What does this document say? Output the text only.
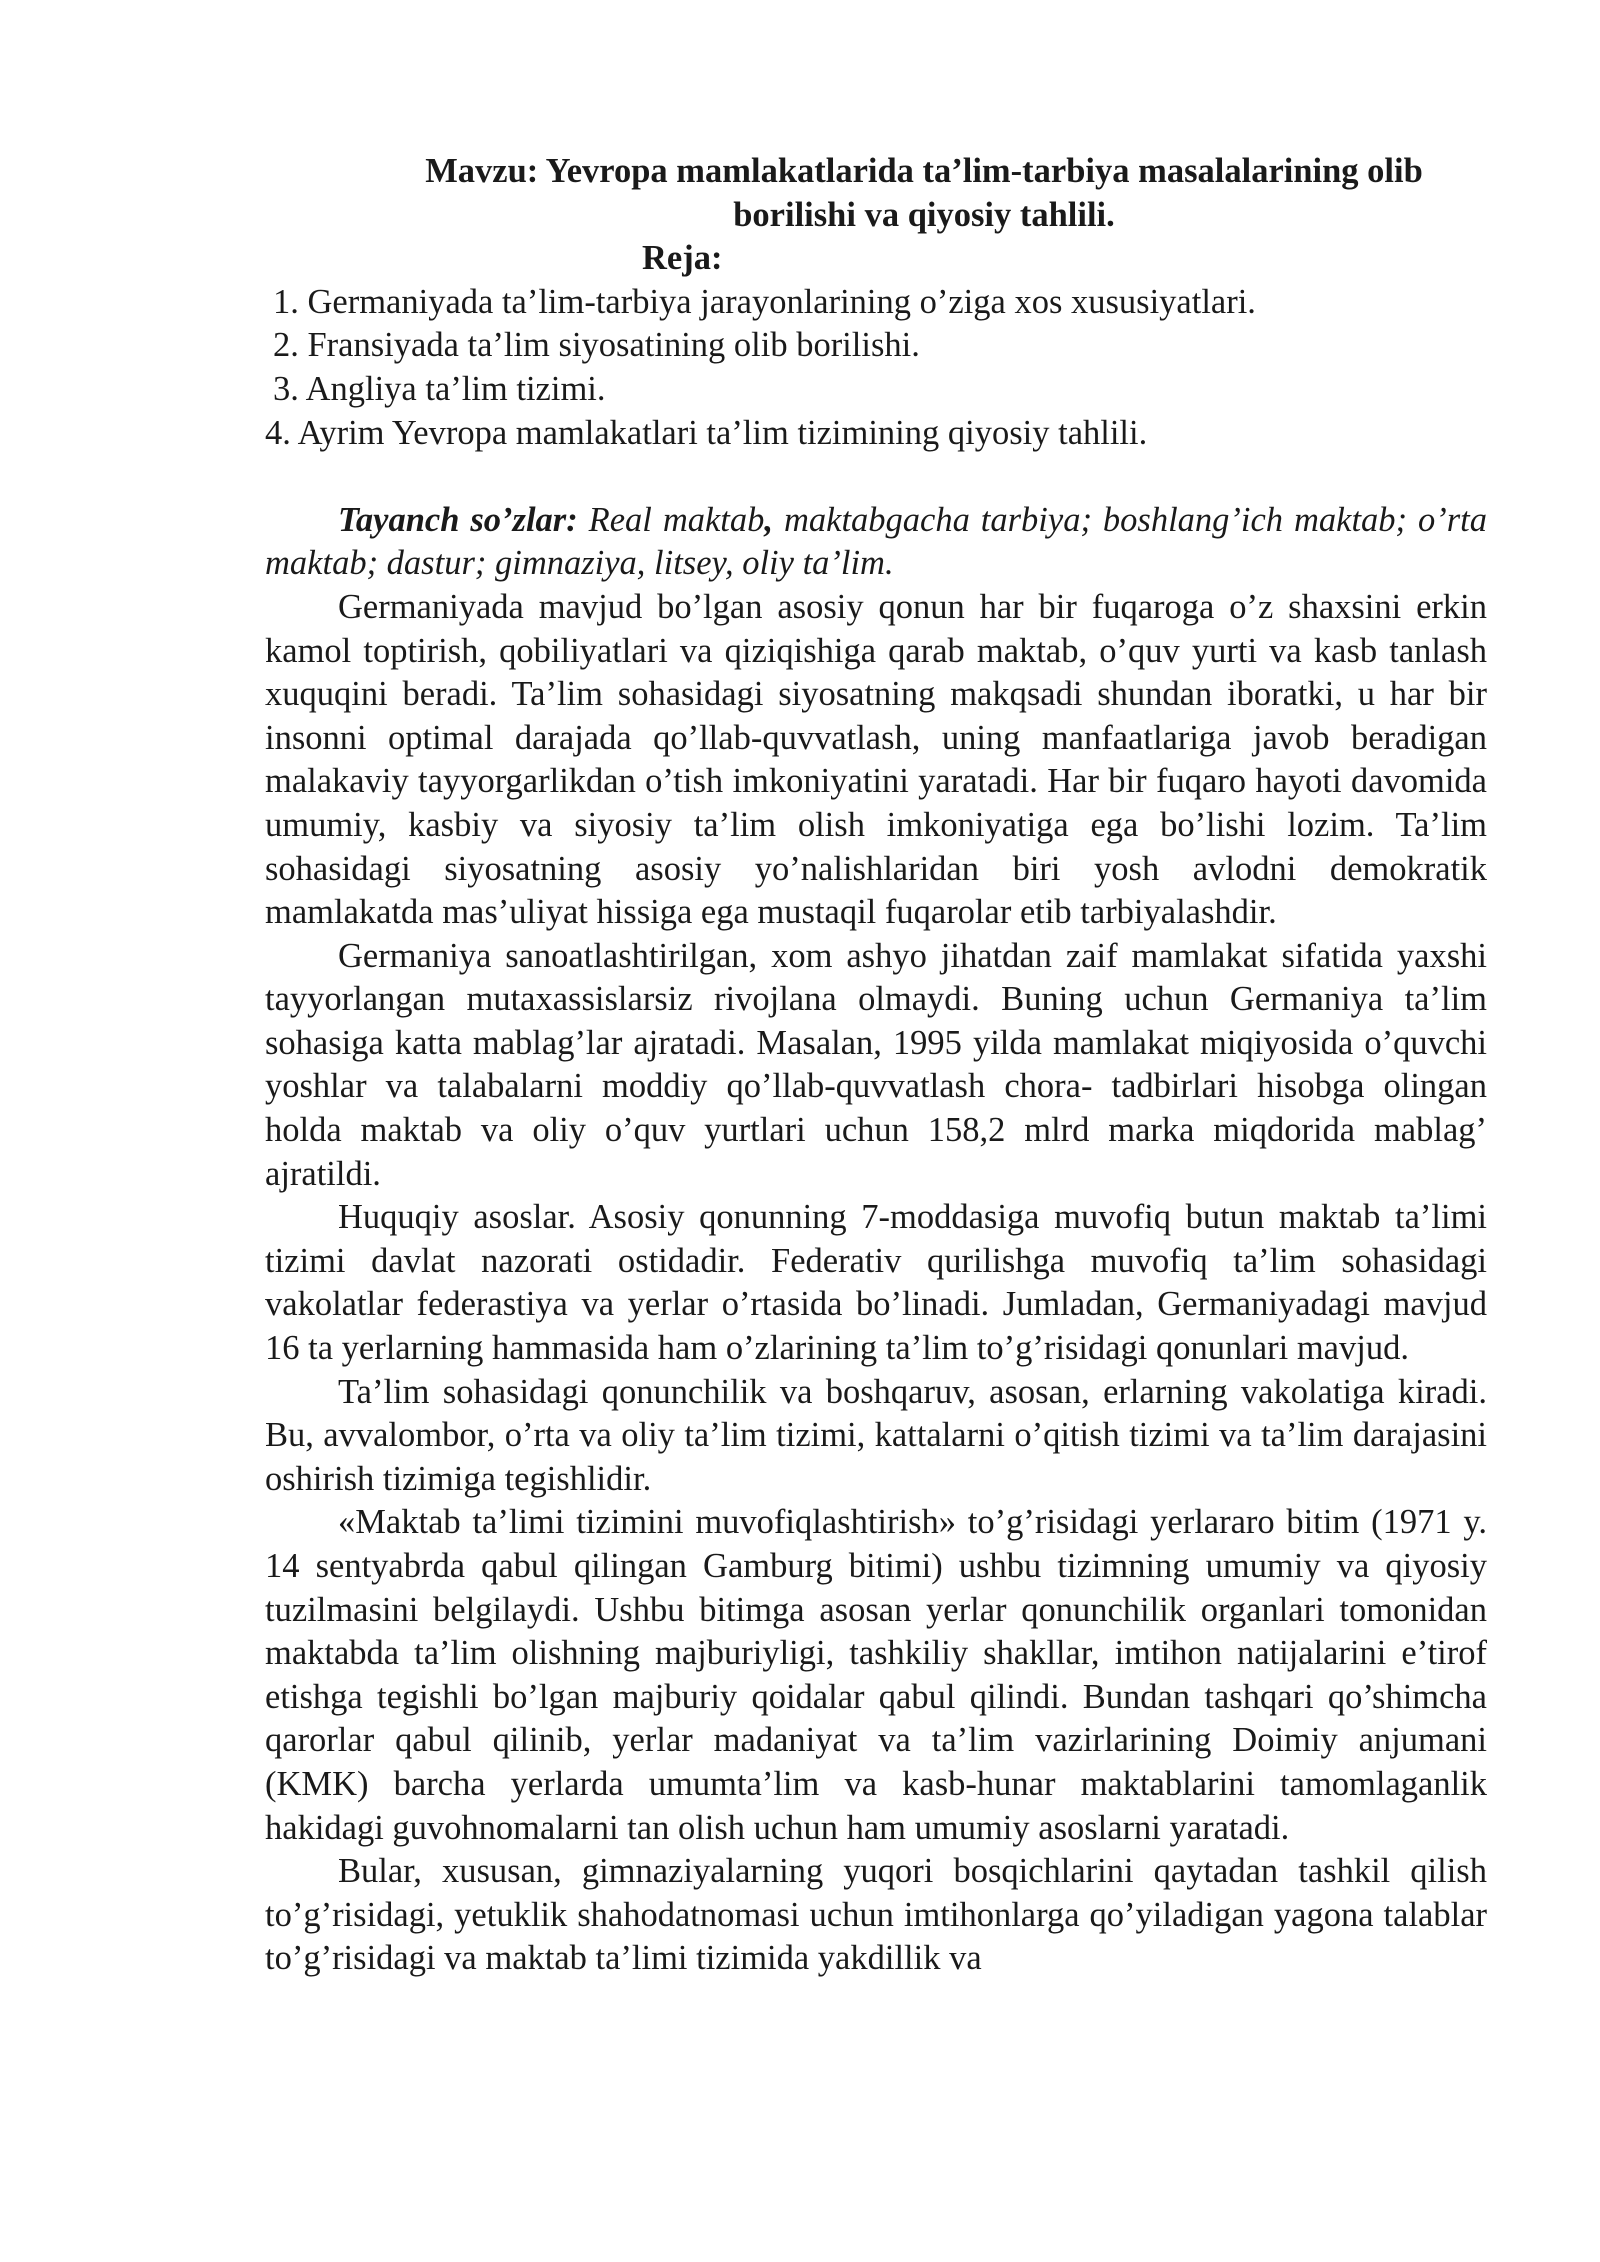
Mavzu: Yevropa mamlakatlarida ta’lim-tarbiya masalalarining olib borilishi va qiyosiy tahlili.
Reja:
1. Germaniyada ta’lim-tarbiya jarayonlarining o’ziga xos xususiyatlari.
2. Fransiyada ta’lim siyosatining olib borilishi.
3. Angliya ta’lim tizimi.
4. Ayrim Yevropa mamlakatlari ta’lim tizimining qiyosiy tahlili.

Tayanch so’zlar: Real maktab, maktabgacha tarbiya; boshlang’ich maktab; o’rta maktab; dastur; gimnaziya, litsey, oliy ta’lim.

Germaniyada mavjud bo’lgan asosiy qonun har bir fuqaroga o’z shaxsini erkin kamol toptirish, qobiliyatlari va qiziqishiga qarab maktab, o’quv yurti va kasb tanlash xuquqini beradi. Ta’lim sohasidagi siyosatning makqsadi shundan iboratki, u har bir insonni optimal darajada qo’llab-quvvatlash, uning manfaatlariga javob beradigan malakaviy tayyorgarlikdan o’tish imkoniyatini yaratadi. Har bir fuqaro hayoti davomida umumiy, kasbiy va siyosiy ta’lim olish imkoniyatiga ega bo’lishi lozim. Ta’lim sohasidagi siyosatning asosiy yo’nalishlaridan biri yosh avlodni demokratik mamlakatda mas’uliyat hissiga ega mustaqil fuqarolar etib tarbiyalashdir.

Germaniya sanoatlashtirilgan, xom ashyo jihatdan zaif mamlakat sifatida yaxshi tayyorlangan mutaxassislarsiz rivojlana olmaydi. Buning uchun Germaniya ta’lim sohasiga katta mablag’lar ajratadi. Masalan, 1995 yilda mamlakat miqiyosida o’quvchi yoshlar va talabalarni moddiy qo’llab-quvvatlash chora- tadbirlari hisobga olingan holda maktab va oliy o’quv yurtlari uchun 158,2 mlrd marka miqdorida mablag’ ajratildi.

Huquqiy asoslar. Asosiy qonunning 7-moddasiga muvofiq butun maktab ta’limi tizimi davlat nazorati ostidadir. Federativ qurilishga muvofiq ta’lim sohasidagi vakolatlar federastiya va yerlar o’rtasida bo’linadi. Jumladan, Germaniyadagi mavjud 16 ta yerlarning hammasida ham o’zlarining ta’lim to’g’risidagi qonunlari mavjud.

Ta’lim sohasidagi qonunchilik va boshqaruv, asosan, erlarning vakolatiga kiradi. Bu, avvalombor, o’rta va oliy ta’lim tizimi, kattalarni o’qitish tizimi va ta’lim darajasini oshirish tizimiga tegishlidir.

«Maktab ta’limi tizimini muvofiqlashtirish» to’g’risidagi yerlararo bitim (1971 y. 14 sentyabrda qabul qilingan Gamburg bitimi) ushbu tizimning umumiy va qiyosiy tuzilmasini belgilaydi. Ushbu bitimga asosan yerlar qonunchilik organlari tomonidan maktabda ta’lim olishning majburiyligi, tashkiliy shakllar, imtihon natijalarini e’tirof etishga tegishli bo’lgan majburiy qoidalar qabul qilindi. Bundan tashqari qo’shimcha qarorlar qabul qilinib, yerlar madaniyat va ta’lim vazirlarining Doimiy anjumani (KMK) barcha yerlarda umumta’lim va kasb-hunar maktablarini tamomlaganlik hakidagi guvohnomalarni tan olish uchun ham umumiy asoslarni yaratadi.

Bular, xususan, gimnaziyalarning yuqori bosqichlarini qaytadan tashkil qilish to’g’risidagi, yetuklik shahodatnomasi uchun imtihonlarga qo’yiladigan yagona talablar to’g’risidagi va maktab ta’limi tizimida yakdillik va
